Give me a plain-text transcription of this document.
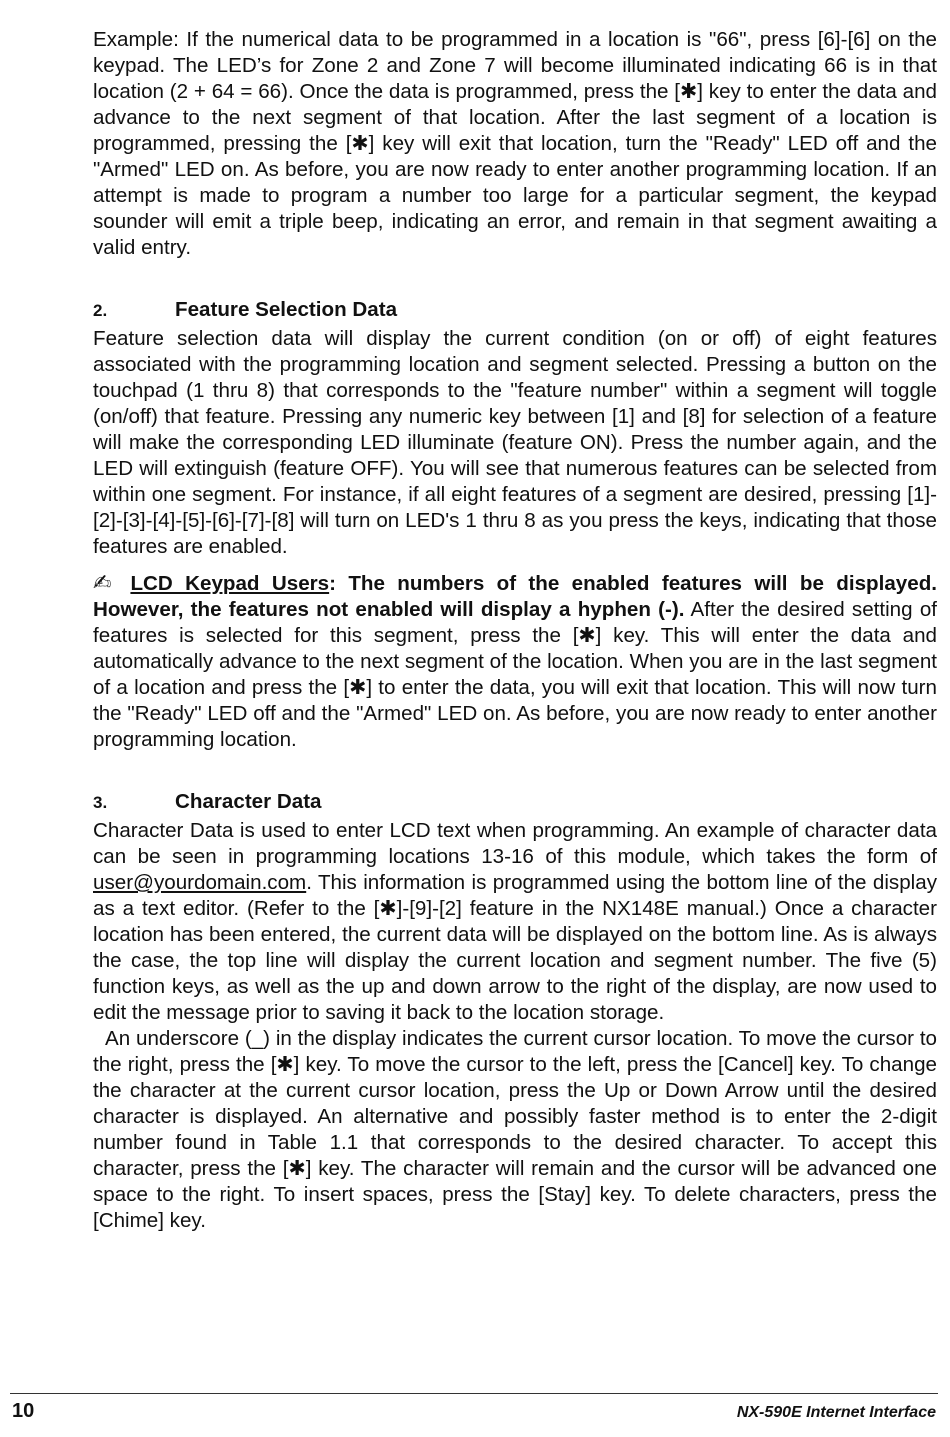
Example: If the numerical data to be programmed in a location is "66", press [6]-[6] on the keypad. The LED’s for Zone 2 and Zone 7 will become illuminated indicating 66 is in that location (2 + 64 = 66). Once the data is programmed, press the [✱] key to enter the data and advance to the next segment of that location. After the last segment of a location is programmed, pressing the [✱] key will exit that location, turn the "Ready" LED off and the "Armed" LED on. As before, you are now ready to enter another programming location. If an attempt is made to program a number too large for a particular segment, the keypad sounder will emit a triple beep, indicating an error, and remain in that segment awaiting a valid entry.

2.	Feature Selection Data

Feature selection data will display the current condition (on or off) of eight features associated with the programming location and segment selected. Pressing a button on the touchpad (1 thru 8) that corresponds to the "feature number" within a segment will toggle (on/off) that feature. Pressing any numeric key between [1] and [8] for selection of a feature will make the corresponding LED illuminate (feature ON). Press the number again, and the LED will extinguish (feature OFF). You will see that numerous features can be selected from within one segment. For instance, if all eight features of a segment are desired, pressing [1]-[2]-[3]-[4]-[5]-[6]-[7]-[8] will turn on LED's 1 thru 8 as you press the keys, indicating that those features are enabled.

✍ LCD Keypad Users: The numbers of the enabled features will be displayed. However, the features not enabled will display a hyphen (-). After the desired setting of features is selected for this segment, press the [✱] key. This will enter the data and automatically advance to the next segment of the location. When you are in the last segment of a location and press the [✱] to enter the data, you will exit that location. This will now turn the "Ready" LED off and the "Armed" LED on. As before, you are now ready to enter another programming location.

3.	Character Data

Character Data is used to enter LCD text when programming. An example of character data can be seen in programming locations 13-16 of this module, which takes the form of user@yourdomain.com. This information is programmed using the bottom line of the display as a text editor. (Refer to the [✱]-[9]-[2] feature in the NX148E manual.) Once a character location has been entered, the current data will be displayed on the bottom line. As is always the case, the top line will display the current location and segment number. The five (5) function keys, as well as the up and down arrow to the right of the display, are now used to edit the message prior to saving it back to the location storage.

An underscore (_) in the display indicates the current cursor location. To move the cursor to the right, press the [✱] key. To move the cursor to the left, press the [Cancel] key. To change the character at the current cursor location, press the Up or Down Arrow until the desired character is displayed. An alternative and possibly faster method is to enter the 2-digit number found in Table 1.1 that corresponds to the desired character. To accept this character, press the [✱] key. The character will remain and the cursor will be advanced one space to the right. To insert spaces, press the [Stay] key. To delete characters, press the [Chime] key.

10	NX-590E Internet Interface
